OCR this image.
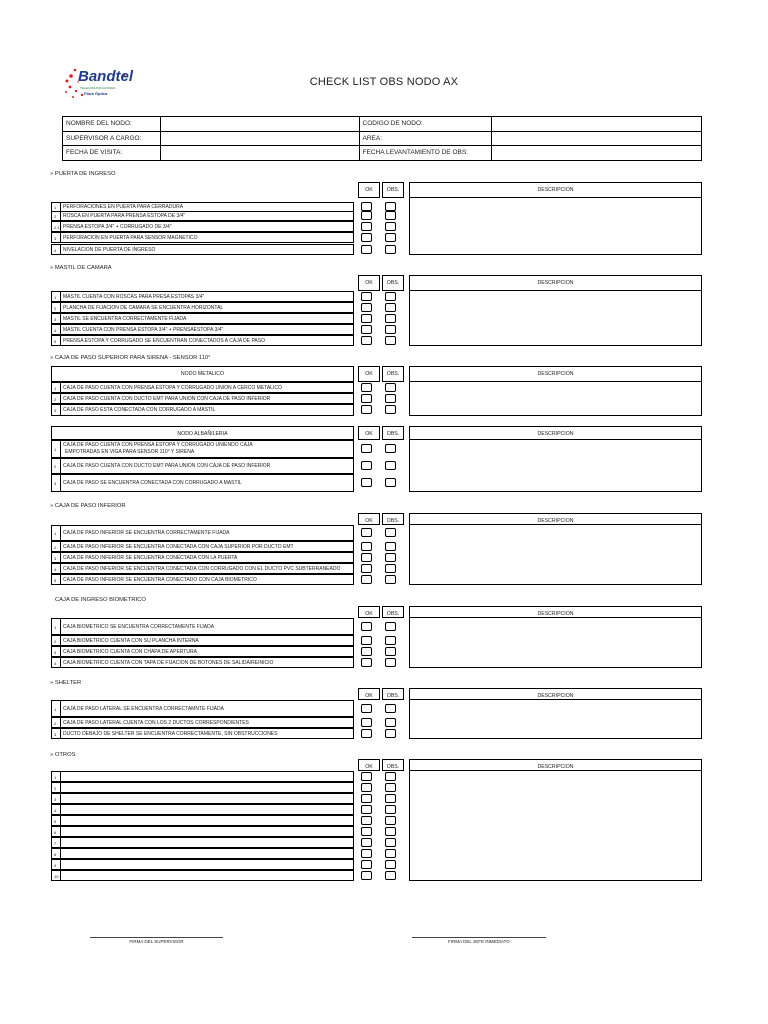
Bandtel
TELECOMUNICACIONES
Fibra Óptica
CHECK LIST OBS NODO AX
NOMBRE DEL NODO:		CODIGO DE NODO:	
SUPERVISOR A CARGO:		AREA:	
FECHA DE VISITA:		FECHA LEVANTAMIENTO DE OBS:	
» PUERTA DE INGRESO
OK	OBS.	DESCRIPCION
1 PERFORACIONES EN PUERTA PARA CERRADURA
2 ROSCA EN PUERTA PARA PRENSA ESTOPA DE 3/4"
2.1 PRENSA ESTOPA 3/4" + CORRUGADO DE 3/4"
3 PERFORACION EN PUERTA PARA SENSOR MAGNETICO
4 NIVELACION DE PUERTA DE INGRESO
» MASTIL DE CAMARA
OK	OBS.	DESCRIPCION
1 MASTIL CUENTA CON ROSCAS PARA PRESA ESTOPAS 3/4"
2 PLANCHA DE FIJACION DE CAMARA SE ENCUENTRA HORIZONTAL
3 MASTIL SE ENCUENTRA CORRECTAMENTE FIJADA
4 MASTIL CUENTA CON PRENSA ESTOPA 3/4" + PRENSAESTOPA 3/4"
5 PRENSA ESTOPA Y CORRUGADO SE ENCUENTRAN CONECTADOS A CAJA DE PASO
» CAJA DE PASO SUPERIOR PARA SIRENA - SENSOR 110°
NODO METALICO	OK	OBS.	DESCRIPCION
1 CAJA DE PASO CUENTA CON PRENSA ESTOPA Y CORRUGADO UNION A CERCO METALICO
2 CAJA DE PASO CUENTA CON DUCTO EMT PARA UNION CON CAJA DE PASO INFERIOR
3 CAJA DE PASO ESTA CONECTADA CON CORRUGADO A MASTIL
NODO ALBAÑILERIA	OK	OBS.	DESCRIPCION
1
CAJA DE PASO CUENTA CON PRENSA ESTOPA Y CORRUGADO UNIENDO CAJA
EMPOTRADAS EN VIGA PARA SENSOR 110° Y SIRENA
2 CAJA DE PASO CUENTA CON DUCTO EMT PARA UNION CON CAJA DE PASO INFERIOR
3 CAJA DE PASO SE ENCUENTRA CONECTADA CON CORRUGADO A MASTIL
» CAJA DE PASO INFERIOR
OK	OBS.	DESCRIPCION
1 CAJA DE PASO INFERIOR SE ENCUENTRA CORRECTAMENTE FIJADA
2 CAJA DE PASO INFERIOR SE ENCUENTRA CONECTADA CON CAJA SUPERIOR POR DUCTO EMT
3 CAJA DE PASO INFERIOR SE ENCUENTRA CONECTADA CON LA PUERTA
4 CAJA DE PASO INFERIOR SE ENCUENTRA CONECTADA CON CORRUGADO CON EL DUCTO PVC SUBTERRANEADO
5 CAJA DE PASO INFERIOR SE ENCUENTRA CONECTADO CON CAJA BIOMETRICO
CAJA DE INGRESO BIOMETRICO
OK	OBS.	DESCRIPCION
1 CAJA BIOMETRICO SE ENCUENTRA CORRECTAMENTE FIJADA
2 CAJA BIOMETRICO CUENTA CON SU PLANCHA INTERNA
3 CAJA BIOMETRICO CUENTA CON CHAPA DE APERTURA
4 CAJA BIOMETRICO CUENTA CON TAPA DE FIJACION DE BOTONES DE SALIDA/REINICIO
» SHELTER
OK	OBS.	DESCRIPCION
1 CAJA DE PASO LATERAL SE ENCUENTRA CORRECTAMNTE FIJADA
2 CAJA DE PASO LATERAL CUENTA CON LOS 2 DUCTOS CORRESPONDIENTES
3 DUCTO DEBAJO DE SHELTER SE ENCUENTRA CORRECTAMENTE, SIN OBSTRUCCIONES
» OTROS
OK	OBS.	DESCRIPCION
1
2
3
4
5
6
7
8
9
10
FIRMA DEL SUPERVISOR	FIRMA DEL JEFE INMEDIATO
